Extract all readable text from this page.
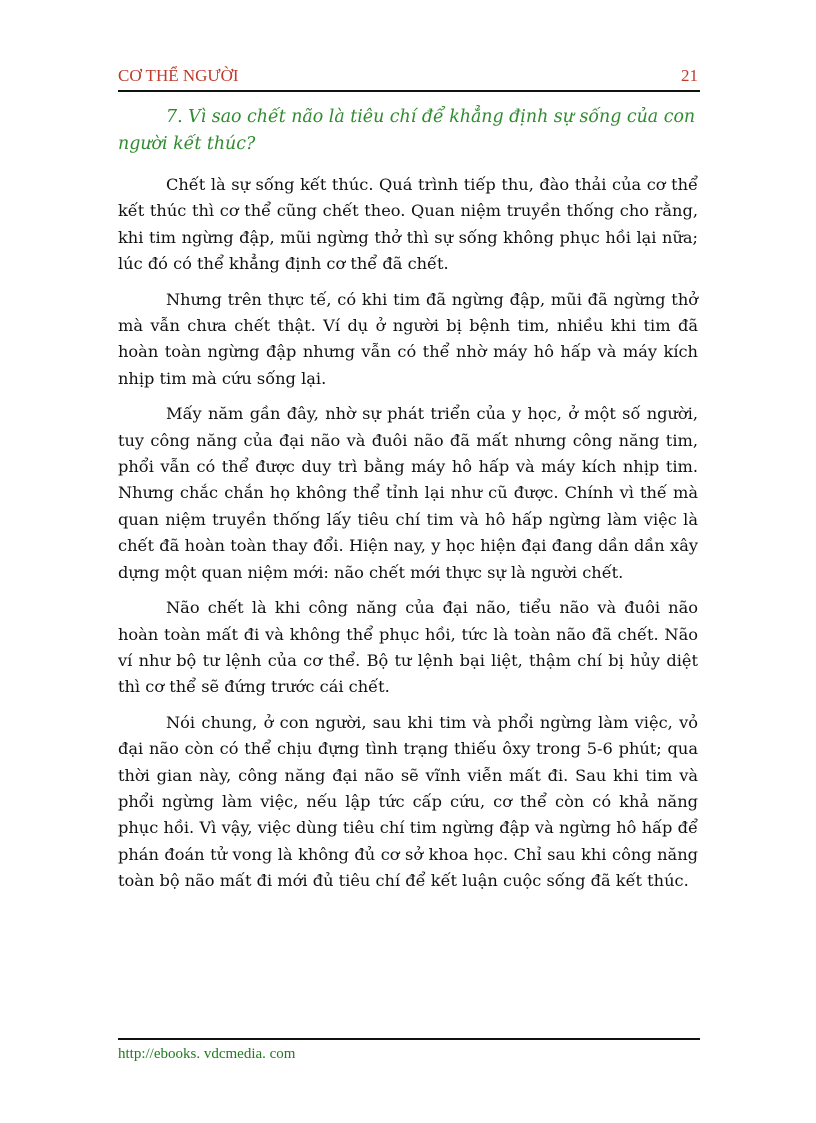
CƠ THỂ NGƯỜI	21

7. Vì sao chết não là tiêu chí để khẳng định sự sống của con người kết thúc?

Chết là sự sống kết thúc. Quá trình tiếp thu, đào thải của cơ thể kết thúc thì cơ thể cũng chết theo. Quan niệm truyền thống cho rằng, khi tim ngừng đập, mũi ngừng thở thì sự sống không phục hồi lại nữa; lúc đó có thể khẳng định cơ thể đã chết.

Nhưng trên thực tế, có khi tim đã ngừng đập, mũi đã ngừng thở mà vẫn chưa chết thật. Ví dụ ở người bị bệnh tim, nhiều khi tim đã hoàn toàn ngừng đập nhưng vẫn có thể nhờ máy hô hấp và máy kích nhịp tim mà cứu sống lại.

Mấy năm gần đây, nhờ sự phát triển của y học, ở một số người, tuy công năng của đại não và đuôi não đã mất nhưng công năng tim, phổi vẫn có thể được duy trì bằng máy hô hấp và máy kích nhịp tim. Nhưng chắc chắn họ không thể tỉnh lại như cũ được. Chính vì thế mà quan niệm truyền thống lấy tiêu chí tim và hô hấp ngừng làm việc là chết đã hoàn toàn thay đổi. Hiện nay, y học hiện đại đang dần dần xây dựng một quan niệm mới: não chết mới thực sự là người chết.

Não chết là khi công năng của đại não, tiểu não và đuôi não hoàn toàn mất đi và không thể phục hồi, tức là toàn não đã chết. Não ví như bộ tư lệnh của cơ thể. Bộ tư lệnh bại liệt, thậm chí bị hủy diệt thì cơ thể sẽ đứng trước cái chết.

Nói chung, ở con người, sau khi tim và phổi ngừng làm việc, vỏ đại não còn có thể chịu đựng tình trạng thiếu ôxy trong 5-6 phút; qua thời gian này, công năng đại não sẽ vĩnh viễn mất đi. Sau khi tim và phổi ngừng làm việc, nếu lập tức cấp cứu, cơ thể còn có khả năng phục hồi. Vì vậy, việc dùng tiêu chí tim ngừng đập và ngừng hô hấp để phán đoán tử vong là không đủ cơ sở khoa học. Chỉ sau khi công năng toàn bộ não mất đi mới đủ tiêu chí để kết luận cuộc sống đã kết thúc.

http://ebooks. vdcmedia. com
